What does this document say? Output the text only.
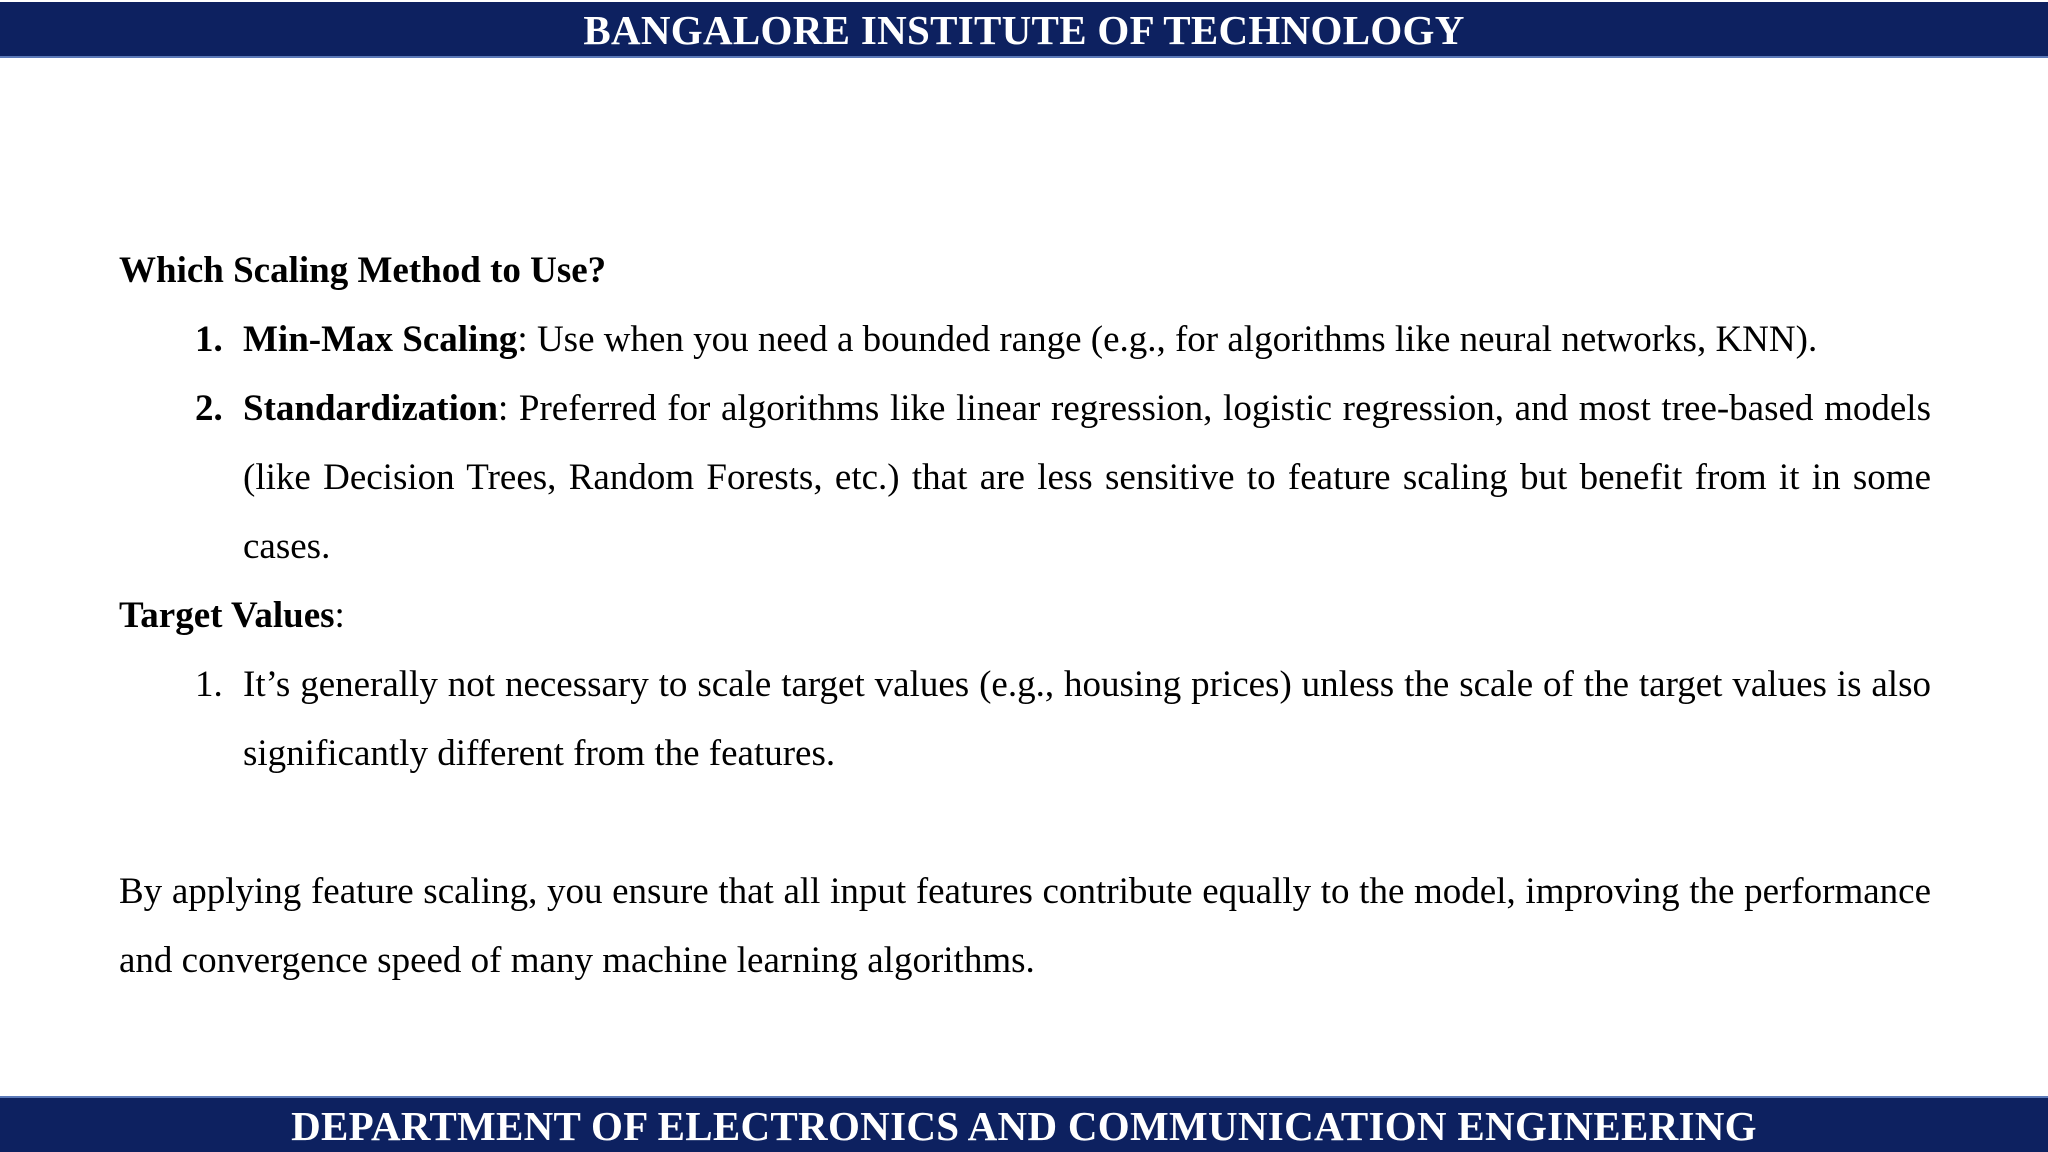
BANGALORE INSTITUTE OF TECHNOLOGY

Which Scaling Method to Use?

1. Min-Max Scaling: Use when you need a bounded range (e.g., for algorithms like neural networks, KNN).
2. Standardization: Preferred for algorithms like linear regression, logistic regression, and most tree-based models (like Decision Trees, Random Forests, etc.) that are less sensitive to feature scaling but benefit from it in some cases.

Target Values:

1. It’s generally not necessary to scale target values (e.g., housing prices) unless the scale of the target values is also significantly different from the features.

By applying feature scaling, you ensure that all input features contribute equally to the model, improving the performance and convergence speed of many machine learning algorithms.

DEPARTMENT OF ELECTRONICS AND COMMUNICATION ENGINEERING
